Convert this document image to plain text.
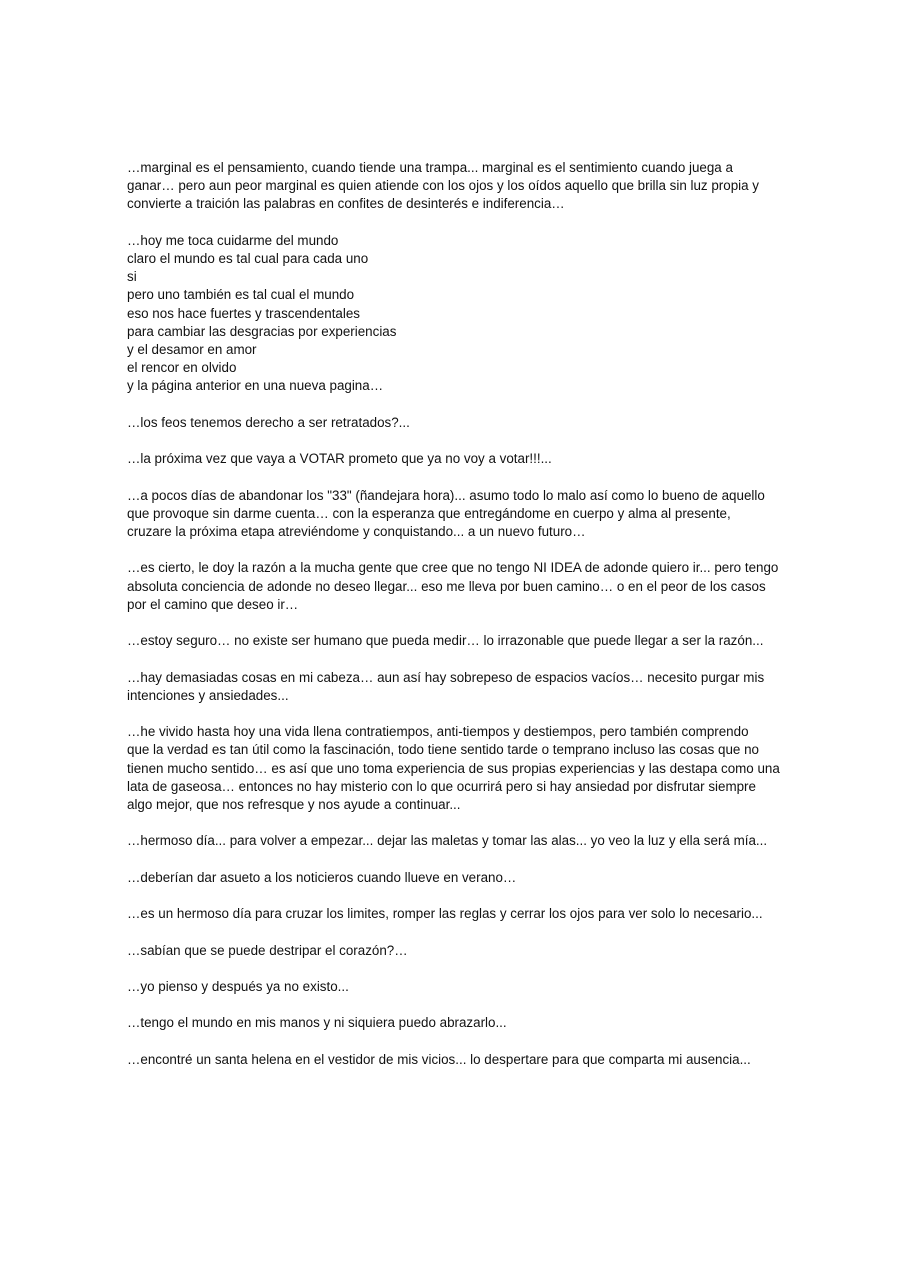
…marginal es el pensamiento, cuando tiende una trampa... marginal es el sentimiento cuando juega a
ganar… pero aun peor marginal es quien atiende con los ojos y los oídos aquello que brilla sin luz propia y
convierte a traición las palabras en confites de desinterés e indiferencia…

…hoy me toca cuidarme del mundo
claro el mundo es tal cual para cada uno
si
pero uno también es tal cual el mundo
eso nos hace fuertes y trascendentales
para cambiar las desgracias por experiencias
y el desamor en amor
el rencor en olvido
y la página anterior en una nueva pagina…

…los feos tenemos derecho a ser retratados?...

…la próxima vez que vaya a VOTAR prometo que ya no voy a votar!!!...

…a pocos días de abandonar los "33" (ñandejara hora)... asumo todo lo malo así como lo bueno de aquello
que provoque sin darme cuenta… con la esperanza que entregándome en cuerpo y alma al presente,
cruzare la próxima etapa atreviéndome y conquistando... a un nuevo futuro…

…es cierto, le doy la razón a la mucha gente que cree que no tengo NI IDEA de adonde quiero ir... pero tengo
absoluta conciencia de adonde no deseo llegar... eso me lleva por buen camino… o en el peor de los casos
por el camino que deseo ir…

…estoy seguro… no existe ser humano que pueda medir… lo irrazonable que puede llegar a ser la razón...

…hay demasiadas cosas en mi cabeza… aun así hay sobrepeso de espacios vacíos… necesito purgar mis
intenciones y ansiedades...

…he vivido hasta hoy una vida llena contratiempos, anti-tiempos y destiempos, pero también comprendo
que la verdad es tan útil como la fascinación, todo tiene sentido tarde o temprano incluso las cosas que no
tienen mucho sentido… es así que uno toma experiencia de sus propias experiencias y las destapa como una
lata de gaseosa… entonces no hay misterio con lo que ocurrirá pero si hay ansiedad por disfrutar siempre
algo mejor, que nos refresque y nos ayude a continuar...

…hermoso día... para volver a empezar... dejar las maletas y tomar las alas... yo veo la luz y ella será mía...

…deberían dar asueto a los noticieros cuando llueve en verano…

…es un hermoso día para cruzar los limites, romper las reglas y cerrar los ojos para ver solo lo necesario...

…sabían que se puede destripar el corazón?…

…yo pienso y después ya no existo...

…tengo el mundo en mis manos y ni siquiera puedo abrazarlo...

…encontré un santa helena en el vestidor de mis vicios... lo despertare para que comparta mi ausencia...
